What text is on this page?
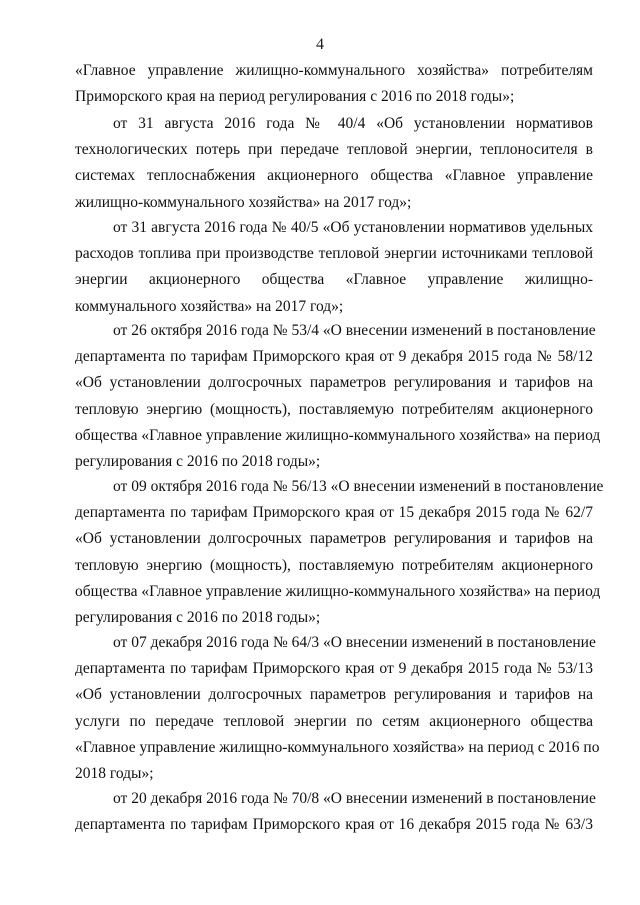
4
«Главное управление жилищно-коммунального хозяйства» потребителям
Приморского края на период регулирования с 2016 по 2018 годы»;
от 31 августа 2016 года № 40/4 «Об установлении нормативов
технологических потерь при передаче тепловой энергии, теплоносителя в
системах теплоснабжения акционерного общества «Главное управление
жилищно-коммунального хозяйства» на 2017 год»;
от 31 августа 2016 года № 40/5 «Об установлении нормативов удельных
расходов топлива при производстве тепловой энергии источниками тепловой
энергии акционерного общества «Главное управление жилищно-
коммунального хозяйства» на 2017 год»;
от 26 октября 2016 года № 53/4 «О внесении изменений в постановление
департамента по тарифам Приморского края от 9 декабря 2015 года № 58/12
«Об установлении долгосрочных параметров регулирования и тарифов на
тепловую энергию (мощность), поставляемую потребителям акционерного
общества «Главное управление жилищно-коммунального хозяйства» на период
регулирования с 2016 по 2018 годы»;
от 09 октября 2016 года № 56/13 «О внесении изменений в постановление
департамента по тарифам Приморского края от 15 декабря 2015 года № 62/7
«Об установлении долгосрочных параметров регулирования и тарифов на
тепловую энергию (мощность), поставляемую потребителям акционерного
общества «Главное управление жилищно-коммунального хозяйства» на период
регулирования с 2016 по 2018 годы»;
от 07 декабря 2016 года № 64/3 «О внесении изменений в постановление
департамента по тарифам Приморского края от 9 декабря 2015 года № 53/13
«Об установлении долгосрочных параметров регулирования и тарифов на
услуги по передаче тепловой энергии по сетям акционерного общества
«Главное управление жилищно-коммунального хозяйства» на период с 2016 по
2018 годы»;
от 20 декабря 2016 года № 70/8 «О внесении изменений в постановление
департамента по тарифам Приморского края от 16 декабря 2015 года № 63/3
